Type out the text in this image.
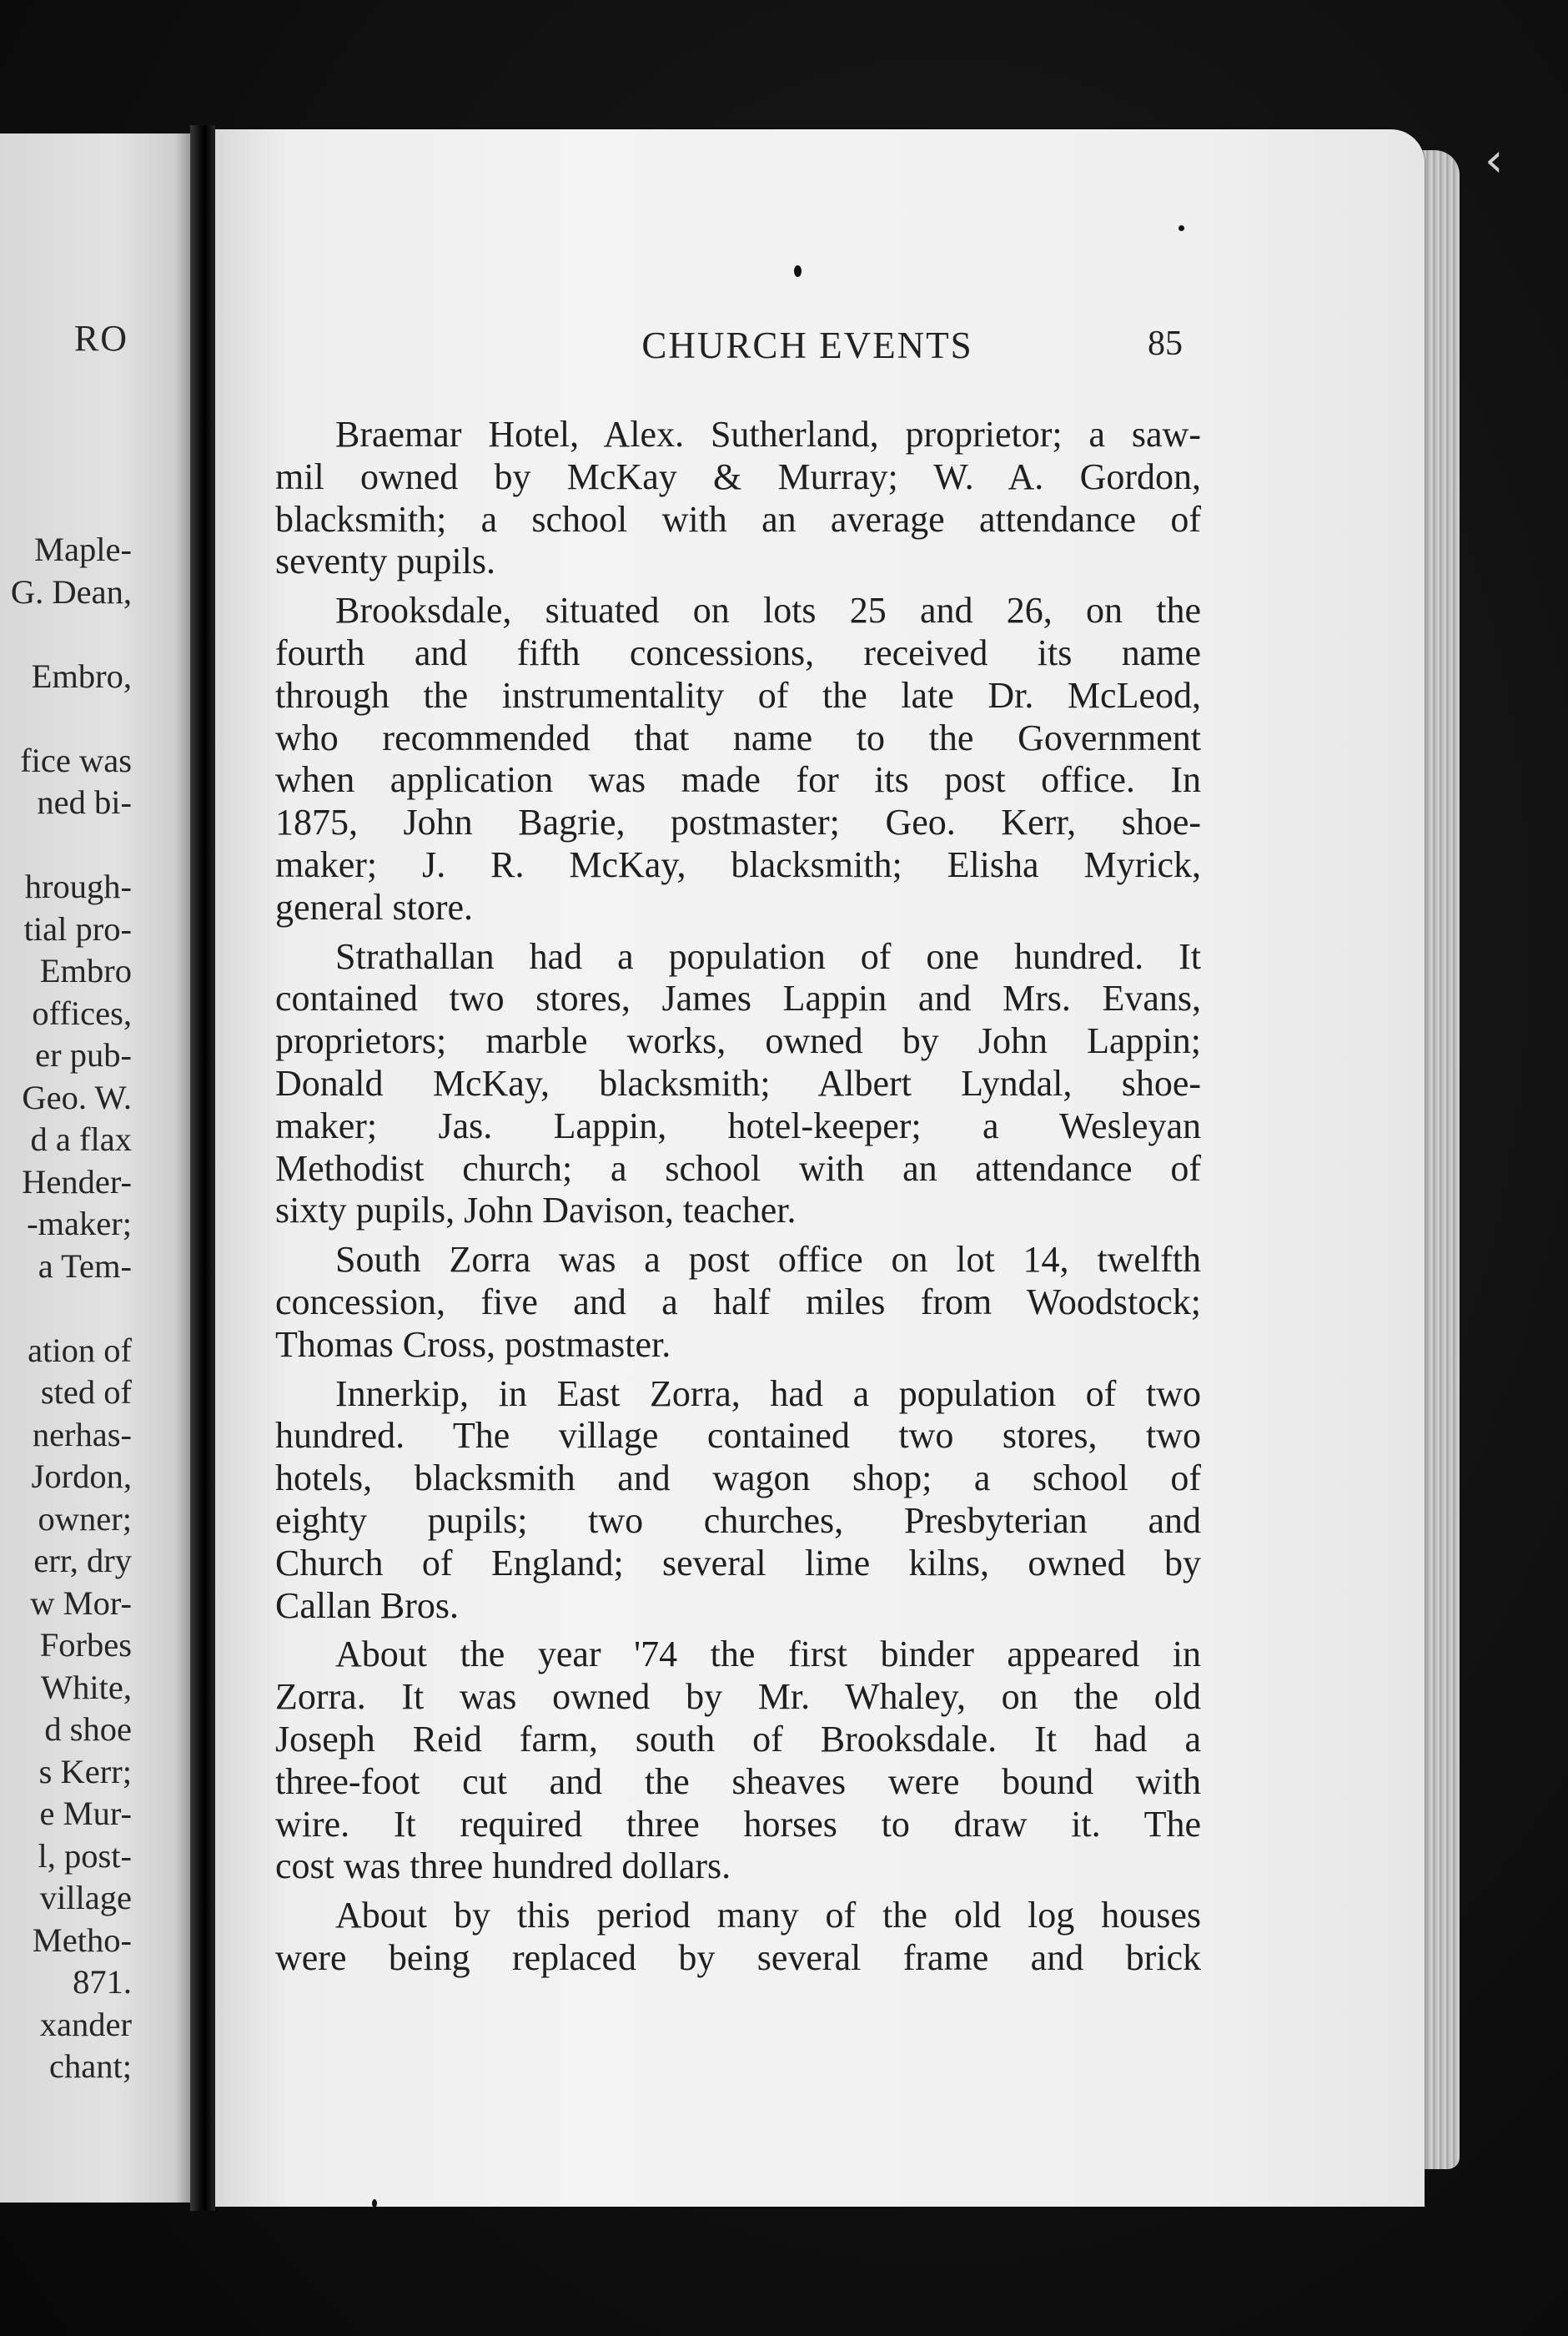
RO
Maple-
G. Dean,

Embro,

fice was
ned bi-

hrough-
tial pro-
Embro
offices,
er pub-
Geo. W.
d a flax
Hender-
-maker;
a Tem-

ation of
sted of
nerhas-
Jordon,
owner;
err, dry
w Mor-
Forbes
White,
d shoe
s Kerr;
e Mur-
l, post-
village
Metho-
871.
xander
chant;
‹
CHURCH EVENTS	85
Braemar Hotel, Alex. Sutherland, proprietor; a saw-
mil owned by McKay & Murray; W. A. Gordon,
blacksmith; a school with an average attendance of
seventy pupils.
Brooksdale, situated on lots 25 and 26, on the
fourth and fifth concessions, received its name
through the instrumentality of the late Dr. McLeod,
who recommended that name to the Government
when application was made for its post office. In
1875, John Bagrie, postmaster; Geo. Kerr, shoe-
maker; J. R. McKay, blacksmith; Elisha Myrick,
general store.
Strathallan had a population of one hundred. It
contained two stores, James Lappin and Mrs. Evans,
proprietors; marble works, owned by John Lappin;
Donald McKay, blacksmith; Albert Lyndal, shoe-
maker; Jas. Lappin, hotel-keeper; a Wesleyan
Methodist church; a school with an attendance of
sixty pupils, John Davison, teacher.
South Zorra was a post office on lot 14, twelfth
concession, five and a half miles from Woodstock;
Thomas Cross, postmaster.
Innerkip, in East Zorra, had a population of two
hundred. The village contained two stores, two
hotels, blacksmith and wagon shop; a school of
eighty pupils; two churches, Presbyterian and
Church of England; several lime kilns, owned by
Callan Bros.
About the year '74 the first binder appeared in
Zorra. It was owned by Mr. Whaley, on the old
Joseph Reid farm, south of Brooksdale. It had a
three-foot cut and the sheaves were bound with
wire. It required three horses to draw it. The
cost was three hundred dollars.
About by this period many of the old log houses
were being replaced by several frame and brick
